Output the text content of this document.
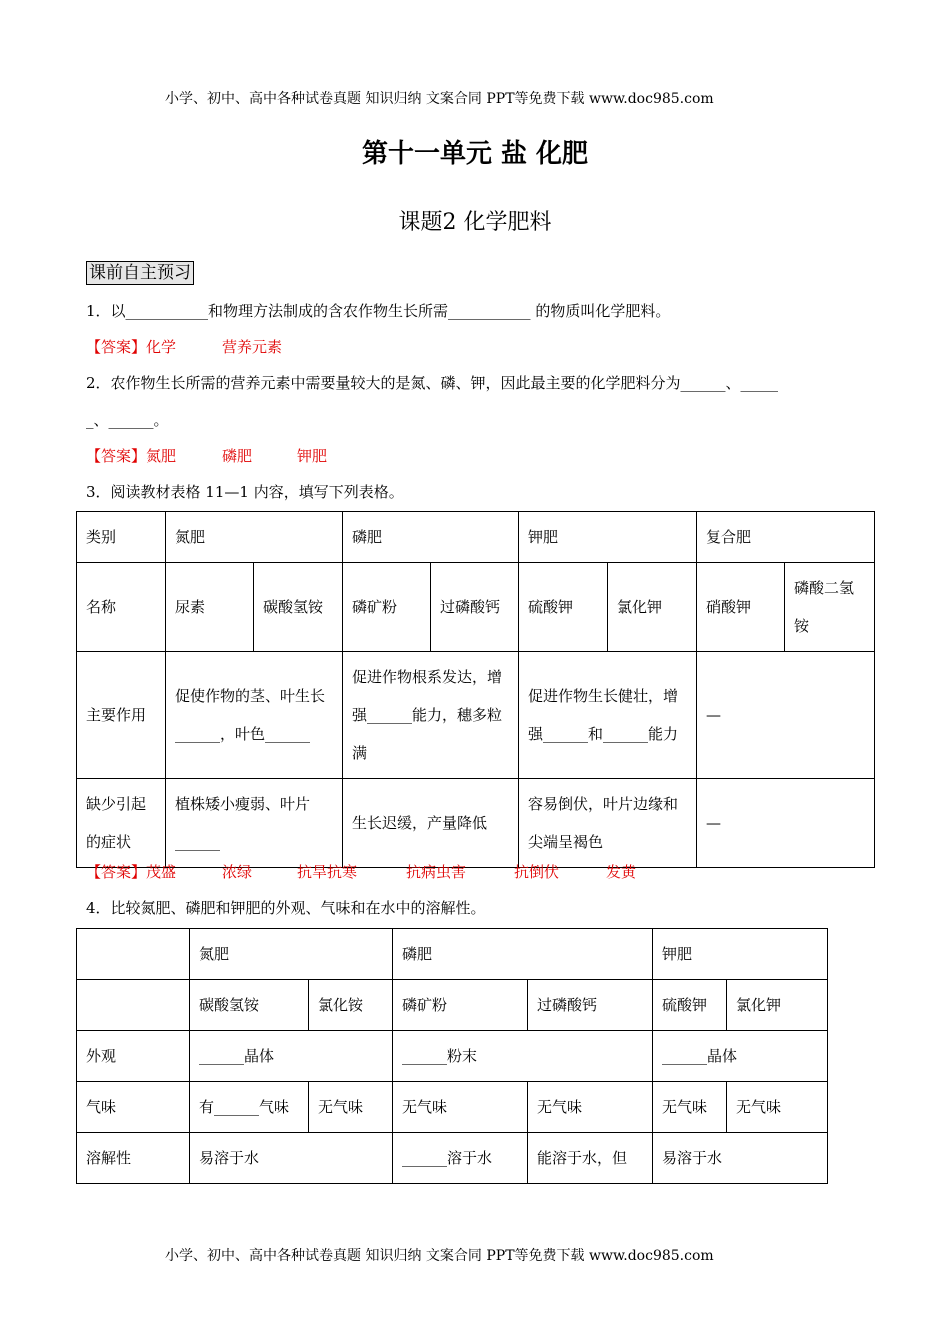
小学、初中、高中各种试卷真题 知识归纳 文案合同 PPT等免费下载 www.doc985.com
第十一单元 盐 化肥
课题2 化学肥料
课前自主预习
1．以___________和物理方法制成的含农作物生长所需___________ 的物质叫化学肥料。
【答案】化学	营养元素
2．农作物生长所需的营养元素中需要量较大的是氮、磷、钾，因此最主要的化学肥料分为______、_____
_、______。
【答案】氮肥	磷肥	钾肥
3．阅读教材表格 11—1 内容，填写下列表格。
类别	氮肥		磷肥		钾肥		复合肥	
名称	尿素	碳酸氢铵	磷矿粉	过磷酸钙	硫酸钾	氯化钾	硝酸钾	磷酸二氢铵
主要作用	促使作物的茎、叶生长______，叶色______		促进作物根系发达，增强______能力，穗多粒满		促进作物生长健壮，增强______和______能力		—	
缺少引起的症状	植株矮小瘦弱、叶片______		生长迟缓，产量降低		容易倒伏，叶片边缘和尖端呈褐色		—	
【答案】茂盛	浓绿	抗旱抗寒	抗病虫害	抗倒伏	发黄
4．比较氮肥、磷肥和钾肥的外观、气味和在水中的溶解性。
	氮肥		磷肥		钾肥	
	碳酸氢铵	氯化铵	磷矿粉	过磷酸钙	硫酸钾	氯化钾
外观	______晶体		______粉末		______晶体	
气味	有______气味	无气味	无气味	无气味	无气味	无气味
溶解性	易溶于水		______溶于水	能溶于水，但	易溶于水	
小学、初中、高中各种试卷真题 知识归纳 文案合同 PPT等免费下载 www.doc985.com
